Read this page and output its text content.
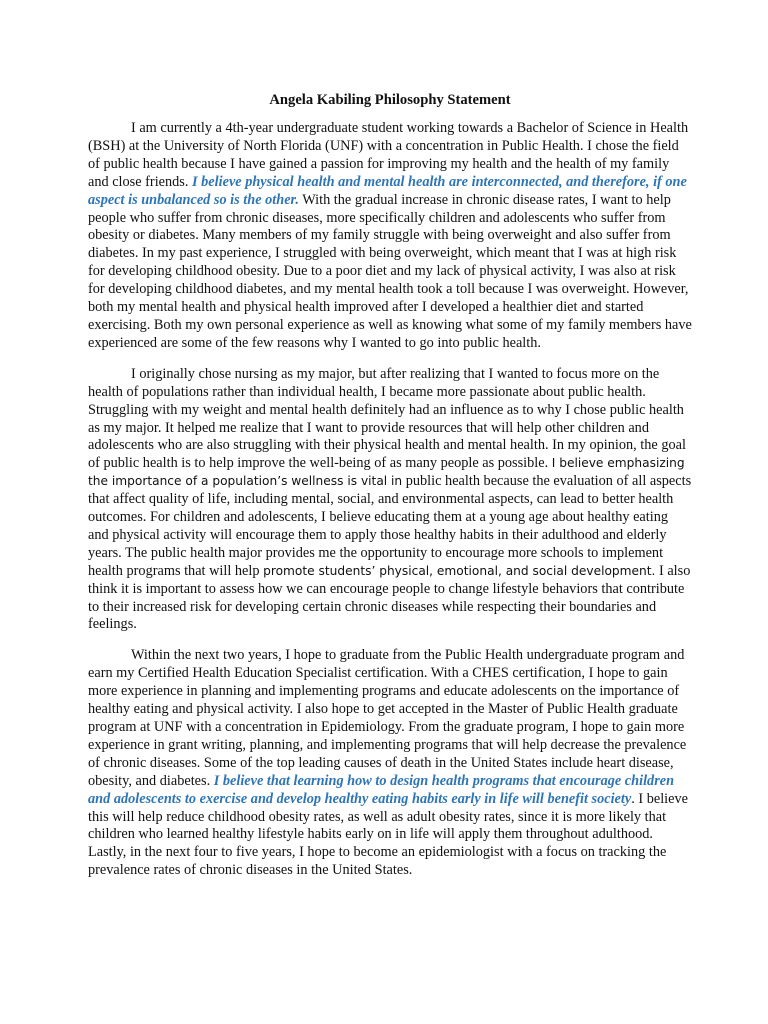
Angela Kabiling Philosophy Statement

I am currently a 4th-year undergraduate student working towards a Bachelor of Science in Health (BSH) at the University of North Florida (UNF) with a concentration in Public Health. I chose the field of public health because I have gained a passion for improving my health and the health of my family and close friends. I believe physical health and mental health are interconnected, and therefore, if one aspect is unbalanced so is the other. With the gradual increase in chronic disease rates, I want to help people who suffer from chronic diseases, more specifically children and adolescents who suffer from obesity or diabetes. Many members of my family struggle with being overweight and also suffer from diabetes. In my past experience, I struggled with being overweight, which meant that I was at high risk for developing childhood obesity. Due to a poor diet and my lack of physical activity, I was also at risk for developing childhood diabetes, and my mental health took a toll because I was overweight. However, both my mental health and physical health improved after I developed a healthier diet and started exercising. Both my own personal experience as well as knowing what some of my family members have experienced are some of the few reasons why I wanted to go into public health.

I originally chose nursing as my major, but after realizing that I wanted to focus more on the health of populations rather than individual health, I became more passionate about public health. Struggling with my weight and mental health definitely had an influence as to why I chose public health as my major. It helped me realize that I want to provide resources that will help other children and adolescents who are also struggling with their physical health and mental health. In my opinion, the goal of public health is to help improve the well-being of as many people as possible. I believe emphasizing the importance of a population’s wellness is vital in public health because the evaluation of all aspects that affect quality of life, including mental, social, and environmental aspects, can lead to better health outcomes. For children and adolescents, I believe educating them at a young age about healthy eating and physical activity will encourage them to apply those healthy habits in their adulthood and elderly years. The public health major provides me the opportunity to encourage more schools to implement health programs that will help promote students’ physical, emotional, and social development. I also think it is important to assess how we can encourage people to change lifestyle behaviors that contribute to their increased risk for developing certain chronic diseases while respecting their boundaries and feelings.

Within the next two years, I hope to graduate from the Public Health undergraduate program and earn my Certified Health Education Specialist certification. With a CHES certification, I hope to gain more experience in planning and implementing programs and educate adolescents on the importance of healthy eating and physical activity. I also hope to get accepted in the Master of Public Health graduate program at UNF with a concentration in Epidemiology. From the graduate program, I hope to gain more experience in grant writing, planning, and implementing programs that will help decrease the prevalence of chronic diseases. Some of the top leading causes of death in the United States include heart disease, obesity, and diabetes. I believe that learning how to design health programs that encourage children and adolescents to exercise and develop healthy eating habits early in life will benefit society. I believe this will help reduce childhood obesity rates, as well as adult obesity rates, since it is more likely that children who learned healthy lifestyle habits early on in life will apply them throughout adulthood. Lastly, in the next four to five years, I hope to become an epidemiologist with a focus on tracking the prevalence rates of chronic diseases in the United States.
